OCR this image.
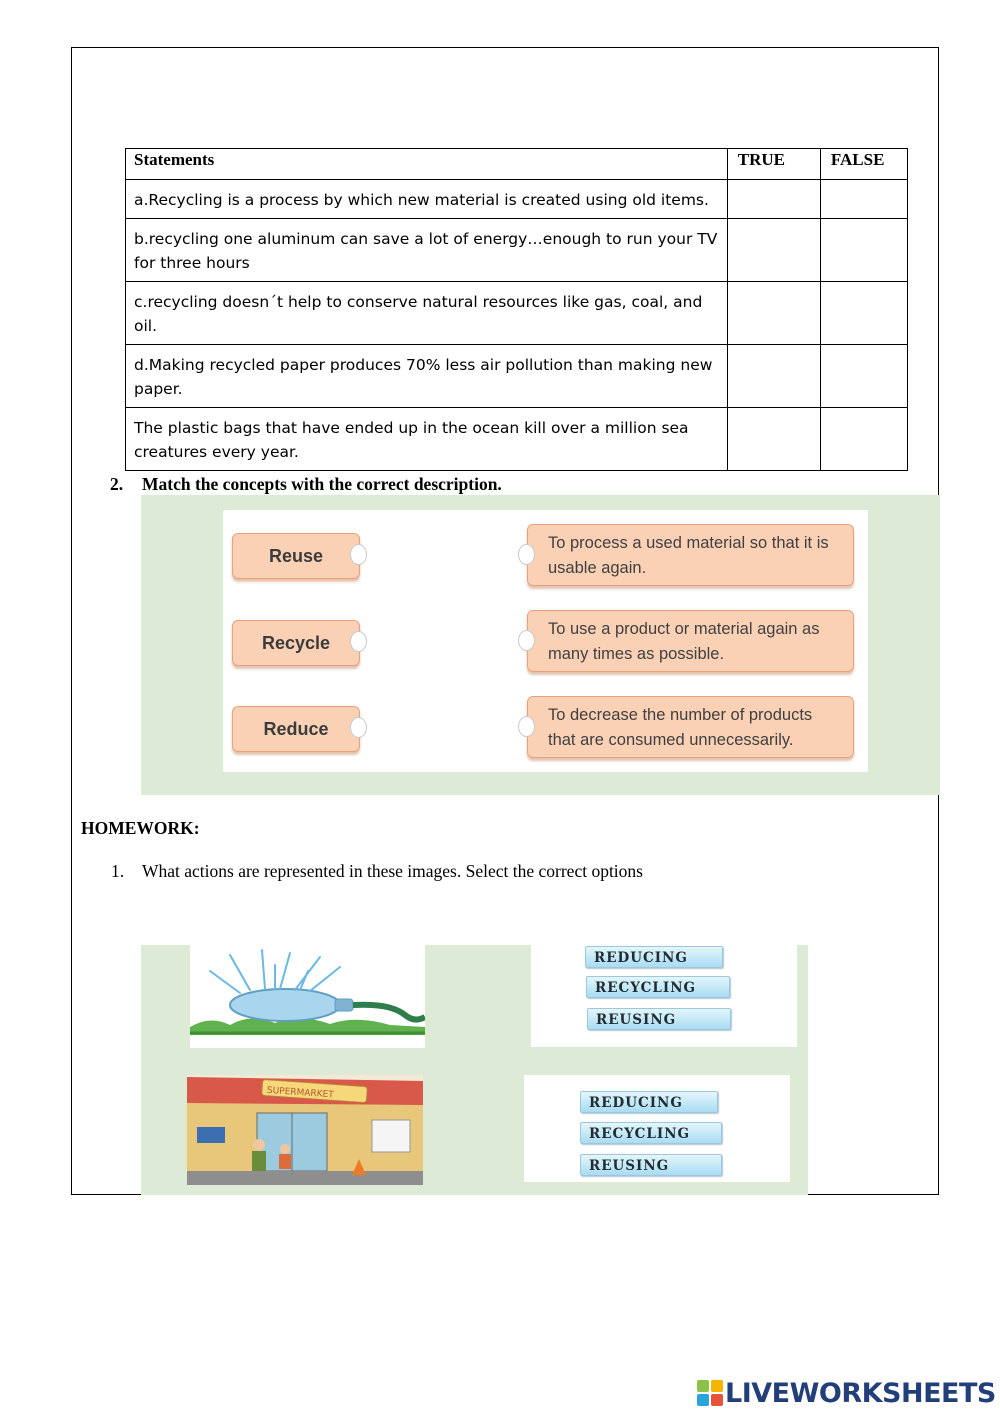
Statements	TRUE	FALSE
a.Recycling is a process by which new material is created using old items.		
b.recycling one aluminum can save a lot of energy…enough to run your TV for three hours		
c.recycling doesn´t help to conserve natural resources like gas, coal, and oil.		
d.Making recycled paper produces 70% less air pollution than making new paper.		
The plastic bags that have ended up in the ocean kill over a million sea creatures every year.		
2. Match the concepts with the correct description.
Reuse
Recycle
Reduce
To process a used material so that it is usable again.
To use a product or material again as many times as possible.
To decrease the number of products that are consumed unnecessarily.
HOMEWORK:
1. What actions are represented in these images. Select the correct options
REDUCING
RECYCLING
REUSING
SUPERMARKET
REDUCING
RECYCLING
REUSING
LIVEWORKSHEETS
